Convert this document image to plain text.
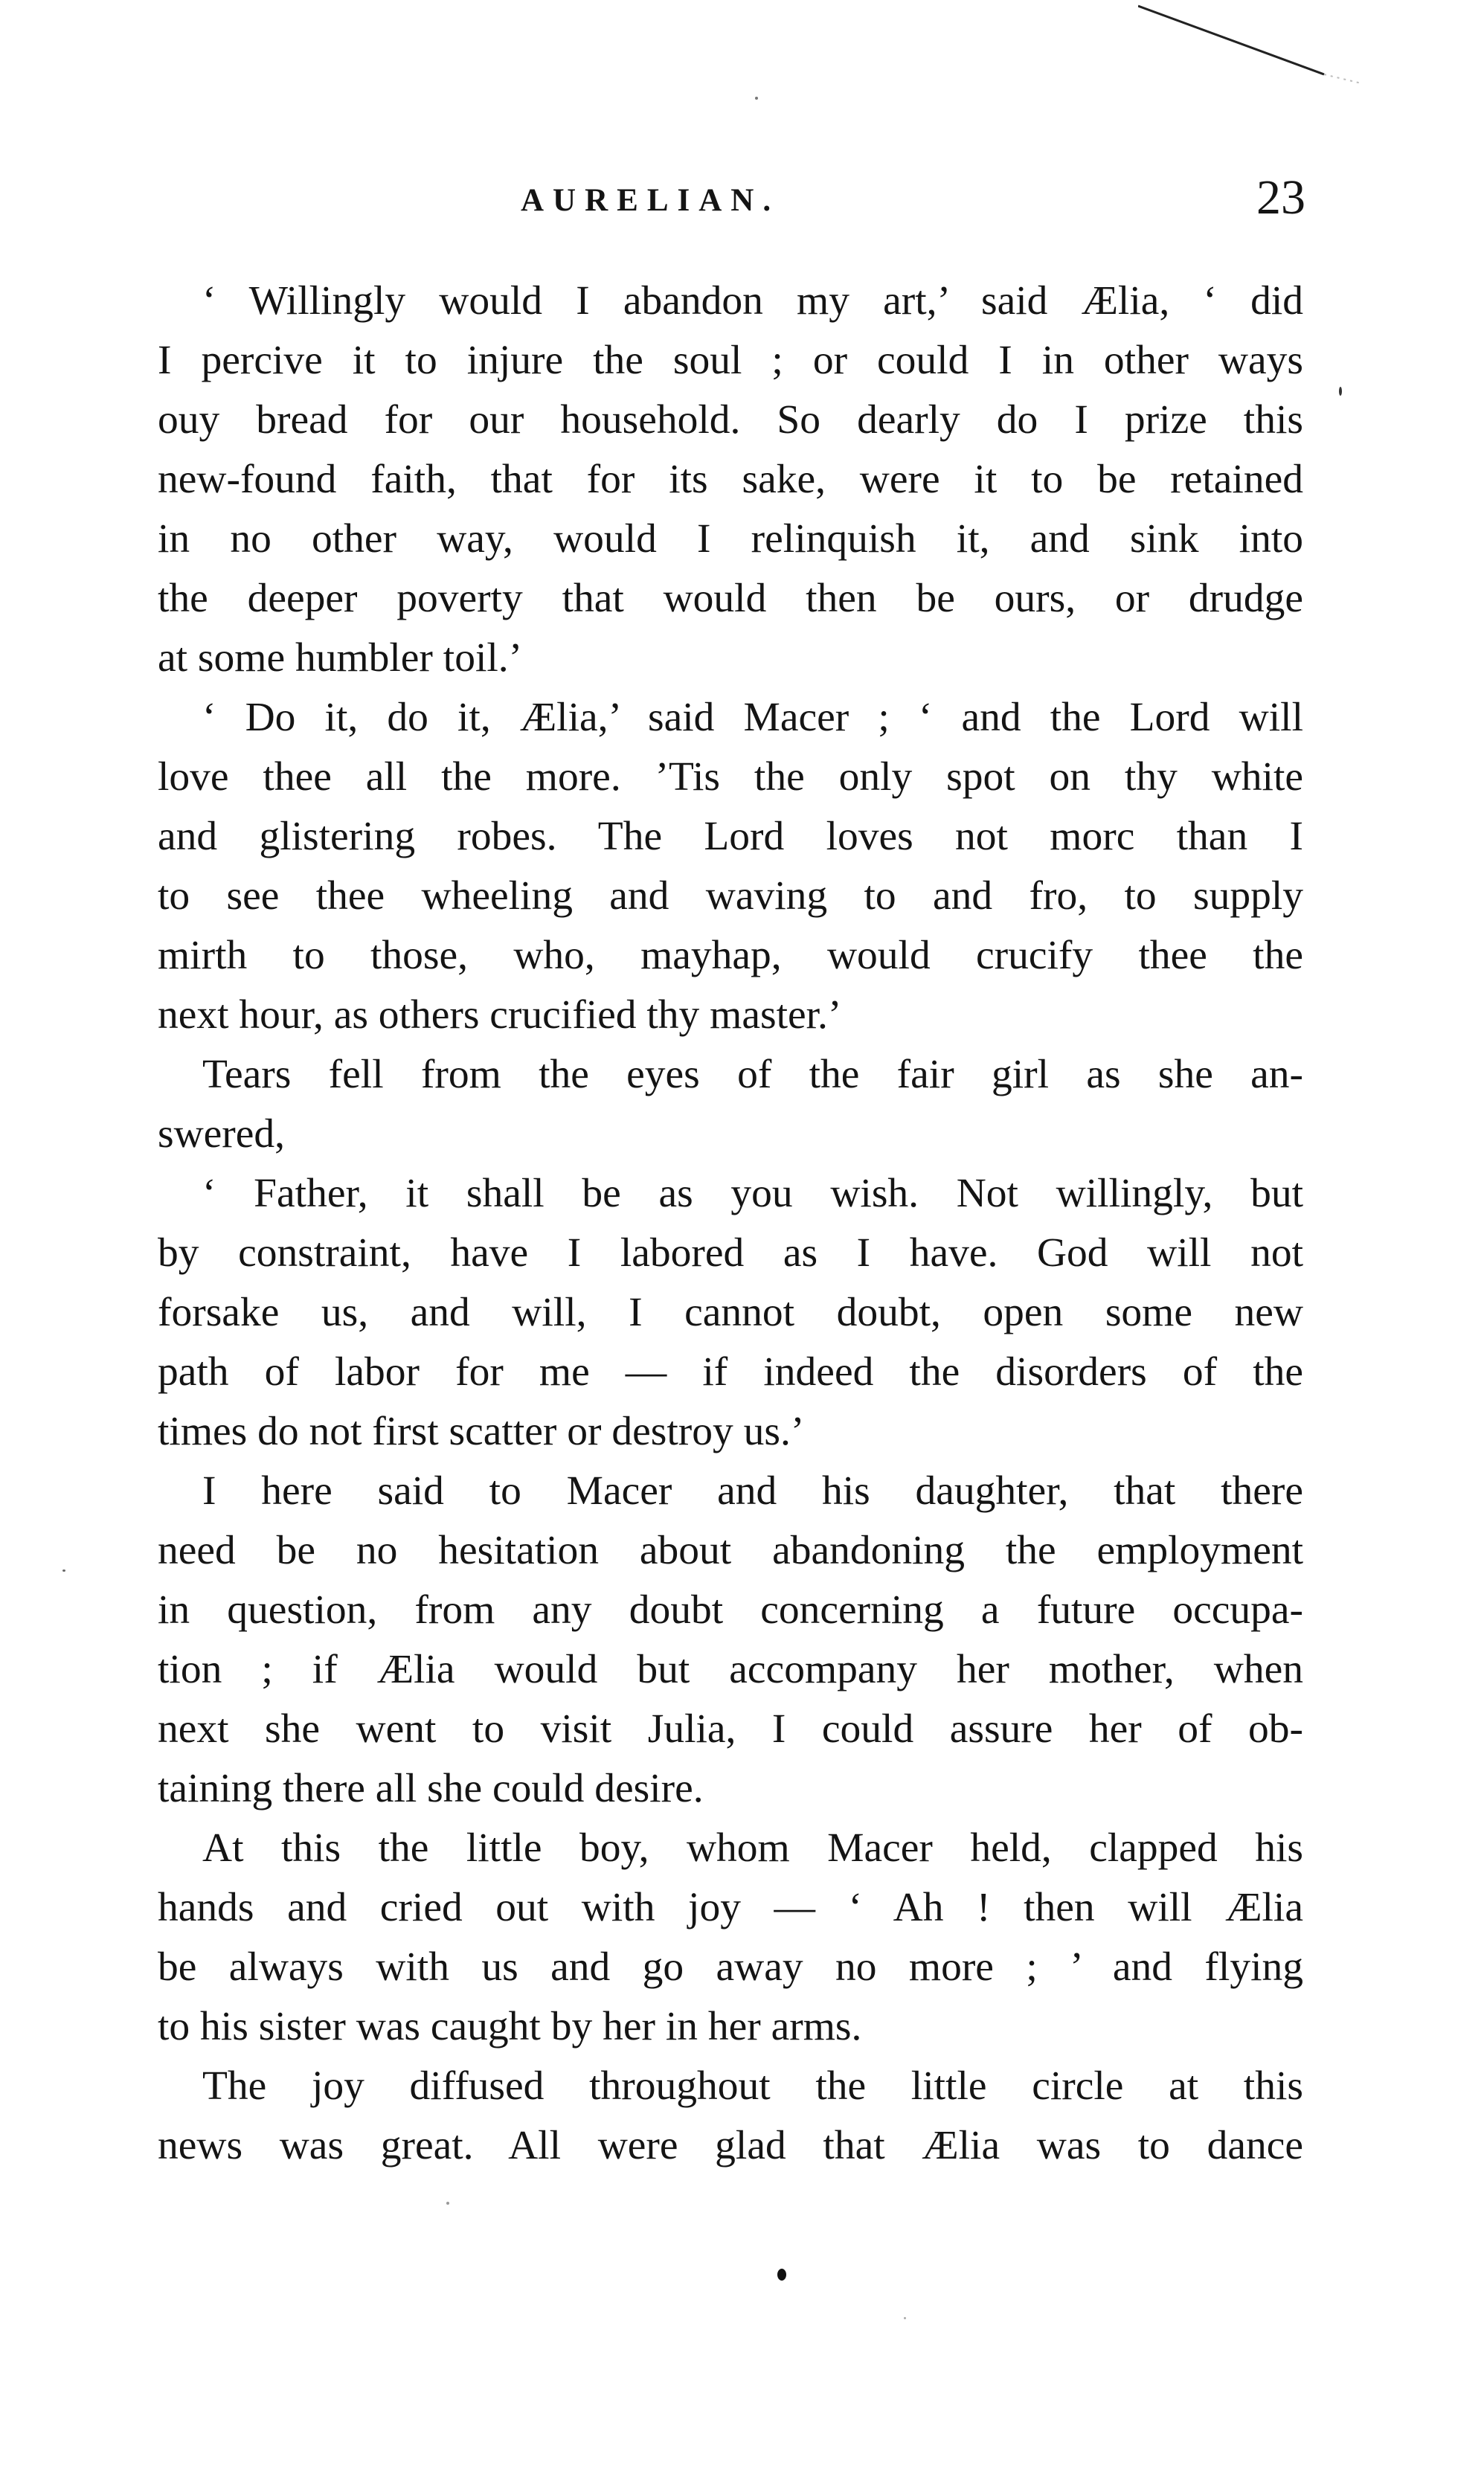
AURELIAN.	23
‘ Willingly would I abandon my art,’ said Ælia, ‘ did
I percive it to injure the soul ; or could I in other ways
ouy bread for our household. So dearly do I prize this
new-found faith, that for its sake, were it to be retained
in no other way, would I relinquish it, and sink into
the deeper poverty that would then be ours, or drudge
at some humbler toil.’
‘ Do it, do it, Ælia,’ said Macer ; ‘ and the Lord will
love thee all the more. ’Tis the only spot on thy white
and glistering robes. The Lord loves not morc than I
to see thee wheeling and waving to and fro, to supply
mirth to those, who, mayhap, would crucify thee the
next hour, as others crucified thy master.’
Tears fell from the eyes of the fair girl as she an-
swered,
‘ Father, it shall be as you wish. Not willingly, but
by constraint, have I labored as I have. God will not
forsake us, and will, I cannot doubt, open some new
path of labor for me — if indeed the disorders of the
times do not first scatter or destroy us.’
I here said to Macer and his daughter, that there
need be no hesitation about abandoning the employment
in question, from any doubt concerning a future occupa-
tion ; if Ælia would but accompany her mother, when
next she went to visit Julia, I could assure her of ob-
taining there all she could desire.
At this the little boy, whom Macer held, clapped his
hands and cried out with joy — ‘ Ah ! then will Ælia
be always with us and go away no more ; ’ and flying
to his sister was caught by her in her arms.
The joy diffused throughout the little circle at this
news was great. All were glad that Ælia was to dance
